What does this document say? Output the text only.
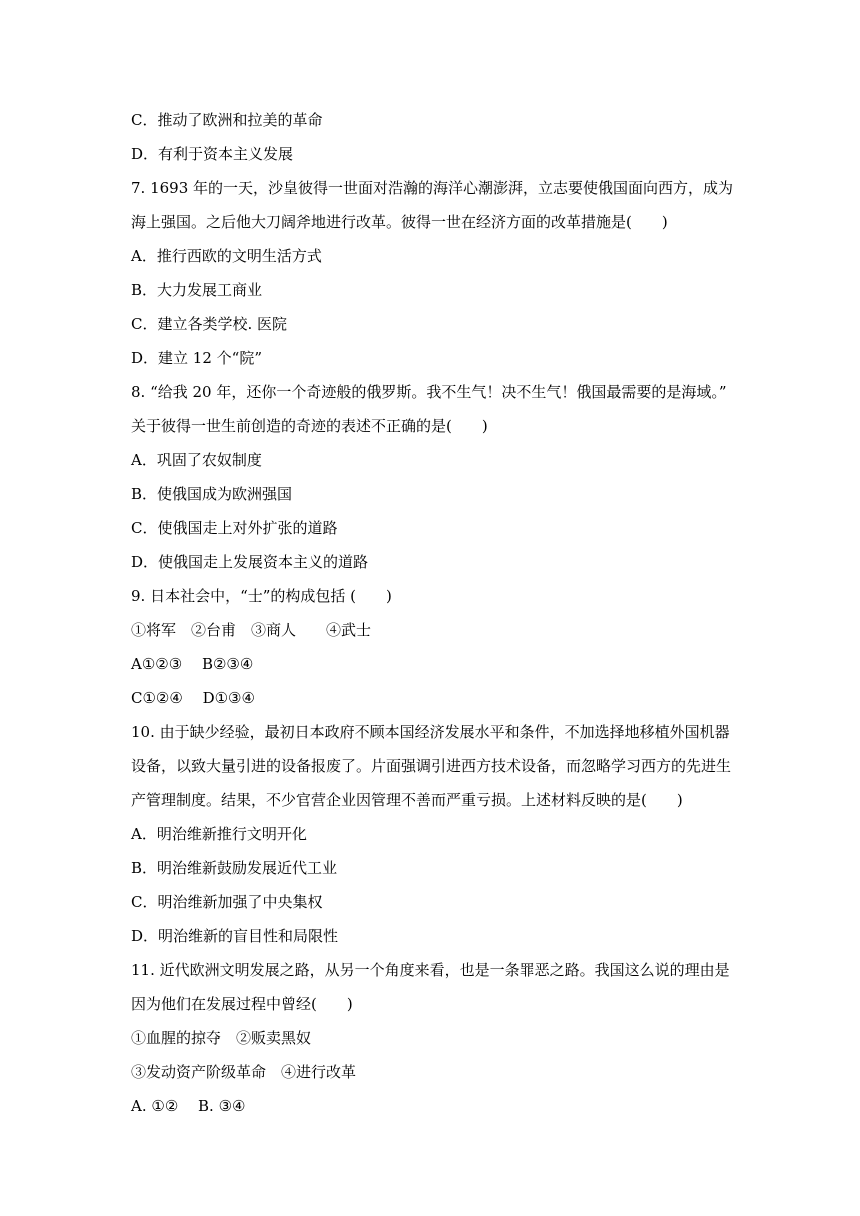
C．推动了欧洲和拉美的革命
D．有利于资本主义发展
7. 1693 年的一天，沙皇彼得一世面对浩瀚的海洋心潮澎湃，立志要使俄国面向西方，成为
海上强国。之后他大刀阔斧地进行改革。彼得一世在经济方面的改革措施是(　　)
A．推行西欧的文明生活方式
B．大力发展工商业
C．建立各类学校. 医院
D．建立 12 个“院”
8. “给我 20 年，还你一个奇迹般的俄罗斯。我不生气！决不生气！俄国最需要的是海域。”
关于彼得一世生前创造的奇迹的表述不正确的是(　　)
A．巩固了农奴制度
B．使俄国成为欧洲强国
C．使俄国走上对外扩张的道路
D．使俄国走上发展资本主义的道路
9. 日本社会中，“士”的构成包括 (　　)
①将军　②台甫　③商人　　④武士
A①②③　 B②③④
C①②④　 D①③④
10. 由于缺少经验，最初日本政府不顾本国经济发展水平和条件，不加选择地移植外国机器
设备，以致大量引进的设备报废了。片面强调引进西方技术设备，而忽略学习西方的先进生
产管理制度。结果，不少官营企业因管理不善而严重亏损。上述材料反映的是(　　)
A．明治维新推行文明开化
B．明治维新鼓励发展近代工业
C．明治维新加强了中央集权
D．明治维新的盲目性和局限性
11. 近代欧洲文明发展之路，从另一个角度来看，也是一条罪恶之路。我国这么说的理由是
因为他们在发展过程中曾经(　　)
①血腥的掠夺　②贩卖黑奴
③发动资产阶级革命　④进行改革
A. ①②　 B. ③④
